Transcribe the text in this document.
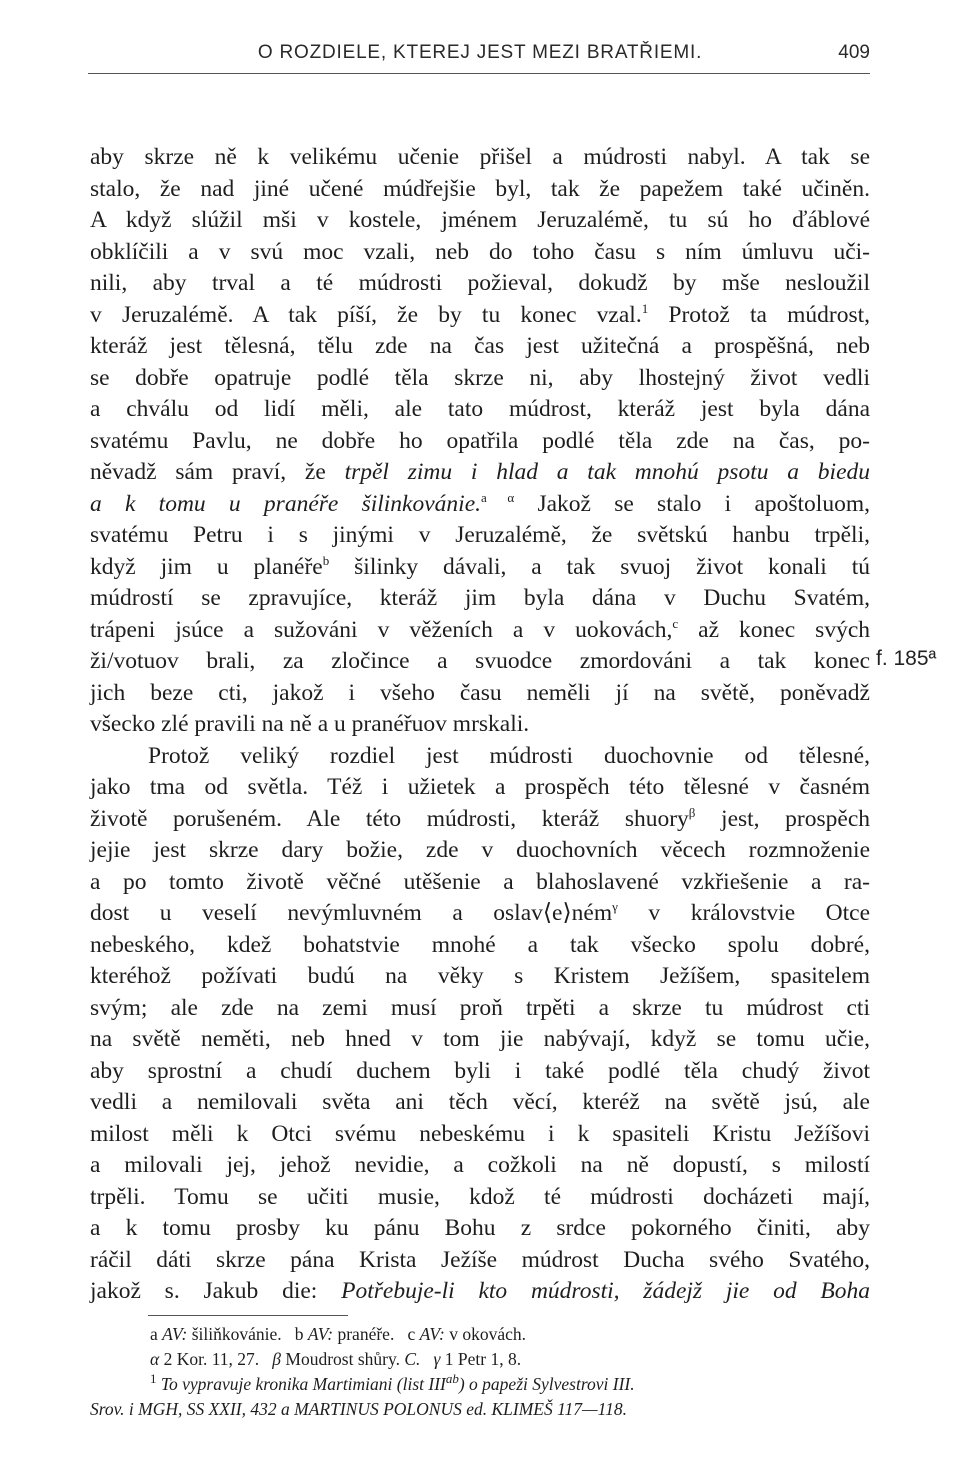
O ROZDIELE, KTEREJ JEST MEZI BRATŘIEMI.	409
aby skrze ně k velikému učenie přišel a múdrosti nabyl. A tak se
stalo, že nad jiné učené múdřejšie byl, tak že papežem také učiněn.
A když slúžil mši v kostele, jménem Jeruzalémě, tu sú ho ďáblové
obklíčili a v svú moc vzali, neb do toho času s ním úmluvu uči-
nili, aby trval a té múdrosti požieval, dokudž by mše nesloužil
v Jeruzalémě. A tak píší, že by tu konec vzal.$^1$ Protož ta múdrost,
kteráž jest tělesná, tělu zde na čas jest užitečná a prospěšná, neb
se dobře opatruje podlé těla skrze ni, aby lhostejný život vedli
a chválu od lidí měli, ale tato múdrost, kteráž jest byla dána
svatému Pavlu, ne dobře ho opatřila podlé těla zde na čas, po-
něvadž sám praví, že trpěl zimu i hlad a tak mnohú psotu a biedu
a k tomu u pranéře šilinkovánie.$^{a \alpha}$ Jakož se stalo i apoštoluom,
svatému Petru i s jinými v Jeruzalémě, že světskú hanbu trpěli,
když jim u planéře$^b$ šilinky dávali, a tak svuoj život konali tú
múdrostí se zpravujíce, kteráž jim byla dána v Duchu Svatém,
trápeni jsúce a sužováni v věženích a v uokovách,$^c$ až konec svých
ži/votuov brali, za zločince a svuodce zmordováni a tak konec
jich beze cti, jakož i všeho času neměli jí na světě, poněvadž
všecko zlé pravili na ně a u pranéřuov mrskali.
Protož veliký rozdiel jest múdrosti duochovnie od tělesné,
jako tma od světla. Též i užietek a prospěch této tělesné v časném
životě porušeném. Ale této múdrosti, kteráž shuory$^\beta$ jest, prospěch
jejie jest skrze dary božie, zde v duochovních věcech rozmnoženie
a po tomto životě věčné utěšenie a blahoslavené vzkřiešenie a ra-
dost u veselí nevýmluvném a oslav⟨e⟩ném$^\gamma$ v královstvie Otce
nebeského, kdež bohatstvie mnohé a tak všecko spolu dobré,
kteréhož požívati budú na věky s Kristem Ježíšem, spasitelem
svým; ale zde na zemi musí proň trpěti a skrze tu múdrost cti
na světě neměti, neb hned v tom jie nabývají, když se tomu učie,
aby sprostní a chudí duchem byli i také podlé těla chudý život
vedli a nemilovali světa ani těch věcí, kteréž na světě jsú, ale
milost měli k Otci svému nebeskému i k spasiteli Kristu Ježíšovi
a milovali jej, jehož nevidie, a cožkoli na ně dopustí, s milostí
trpěli. Tomu se učiti musie, kdož té múdrosti docházeti mají,
a k tomu prosby ku pánu Bohu z srdce pokorného činiti, aby
ráčil dáti skrze pána Krista Ježíše múdrost Ducha svého Svatého,
jakož s. Jakub die: Potřebuje-li kto múdrosti, žádejž jie od Boha
f. 185ª
a AV: šiliňkovánie. b AV: pranéře. c AV: v okovách.
α 2 Kor. 11, 27. β Moudrost shůry. C. γ 1 Petr 1, 8.
$^1$ To vypravuje kronika Martimiani (list $III^{ab}$) o papeži Sylvestrovi III.
Srov. i MGH, SS XXII, 432 a MARTINUS POLONUS ed. KLIMEŠ 117—118.
